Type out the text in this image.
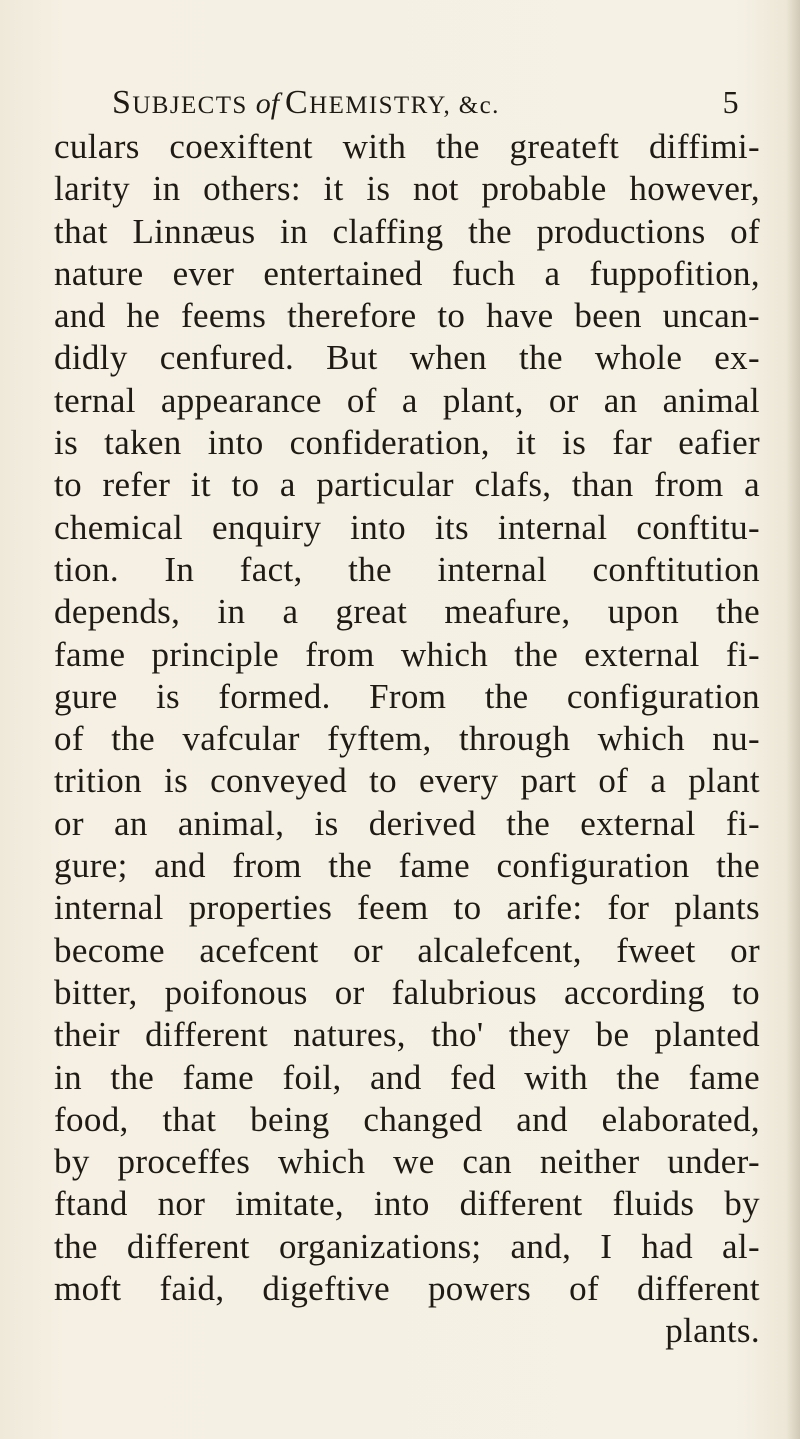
SUBJECTS of CHEMISTRY, &c.	5
culars coexiftent with the greateft diffimi-
larity in others: it is not probable however,
that Linnæus in claffing the productions of
nature ever entertained fuch a fuppofition,
and he feems therefore to have been uncan-
didly cenfured. But when the whole ex-
ternal appearance of a plant, or an animal
is taken into confideration, it is far eafier
to refer it to a particular clafs, than from a
chemical enquiry into its internal conftitu-
tion. In fact, the internal conftitution
depends, in a great meafure, upon the
fame principle from which the external fi-
gure is formed. From the configuration
of the vafcular fyftem, through which nu-
trition is conveyed to every part of a plant
or an animal, is derived the external fi-
gure; and from the fame configuration the
internal properties feem to arife: for plants
become acefcent or alcalefcent, fweet or
bitter, poifonous or falubrious according to
their different natures, tho' they be planted
in the fame foil, and fed with the fame
food, that being changed and elaborated,
by proceffes which we can neither under-
ftand nor imitate, into different fluids by
the different organizations; and, I had al-
moft faid, digeftive powers of different
plants.
